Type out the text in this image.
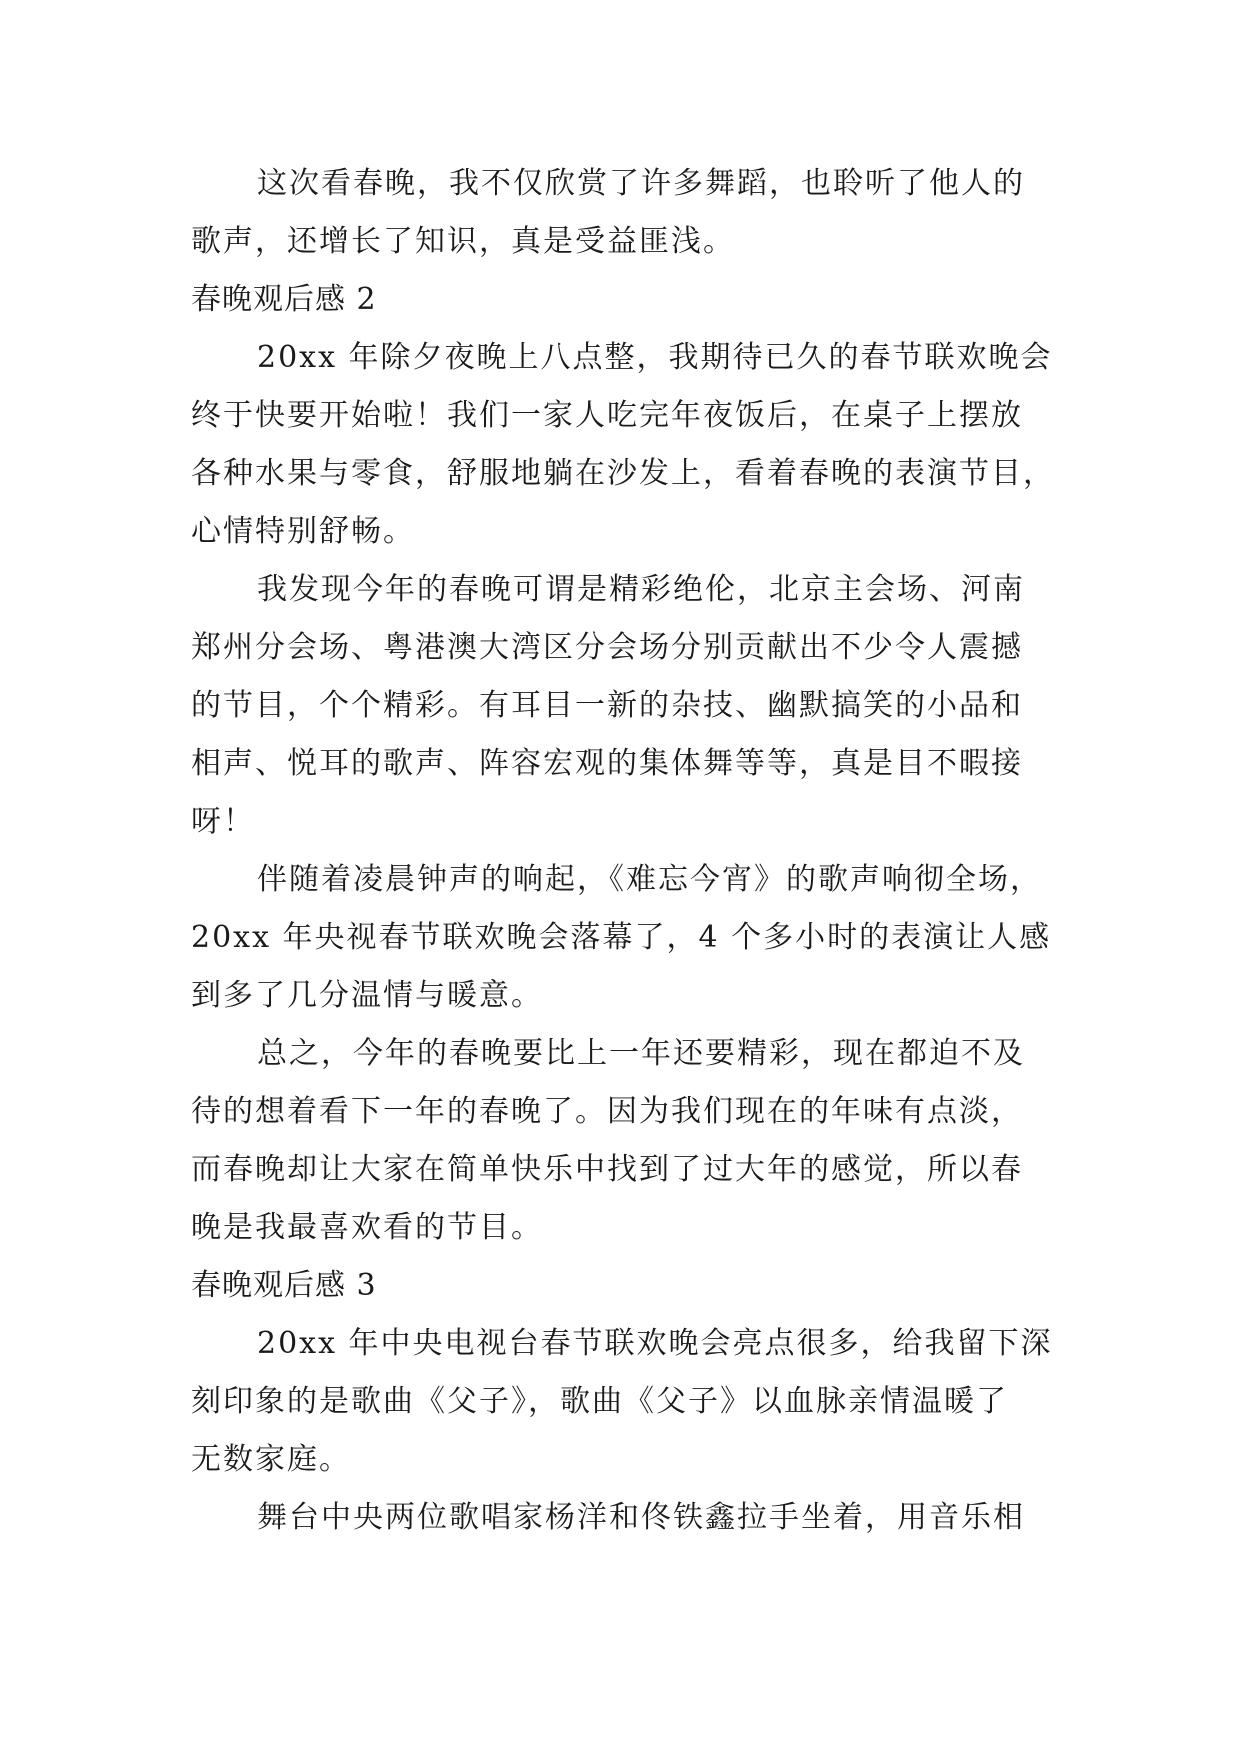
这次看春晚，我不仅欣赏了许多舞蹈，也聆听了他人的
歌声，还增长了知识，真是受益匪浅。
春晚观后感 2
20xx 年除夕夜晚上八点整，我期待已久的春节联欢晚会
终于快要开始啦！我们一家人吃完年夜饭后，在桌子上摆放
各种水果与零食，舒服地躺在沙发上，看着春晚的表演节目，
心情特别舒畅。
我发现今年的春晚可谓是精彩绝伦，北京主会场、河南
郑州分会场、粤港澳大湾区分会场分别贡献出不少令人震撼
的节目，个个精彩。有耳目一新的杂技、幽默搞笑的小品和
相声、悦耳的歌声、阵容宏观的集体舞等等，真是目不暇接
呀！
伴随着凌晨钟声的响起，《难忘今宵》的歌声响彻全场，
20xx 年央视春节联欢晚会落幕了，4 个多小时的表演让人感
到多了几分温情与暖意。
总之，今年的春晚要比上一年还要精彩，现在都迫不及
待的想着看下一年的春晚了。因为我们现在的年味有点淡，
而春晚却让大家在简单快乐中找到了过大年的感觉，所以春
晚是我最喜欢看的节目。
春晚观后感 3
20xx 年中央电视台春节联欢晚会亮点很多，给我留下深
刻印象的是歌曲《父子》，歌曲《父子》以血脉亲情温暖了
无数家庭。
舞台中央两位歌唱家杨洋和佟铁鑫拉手坐着，用音乐相
